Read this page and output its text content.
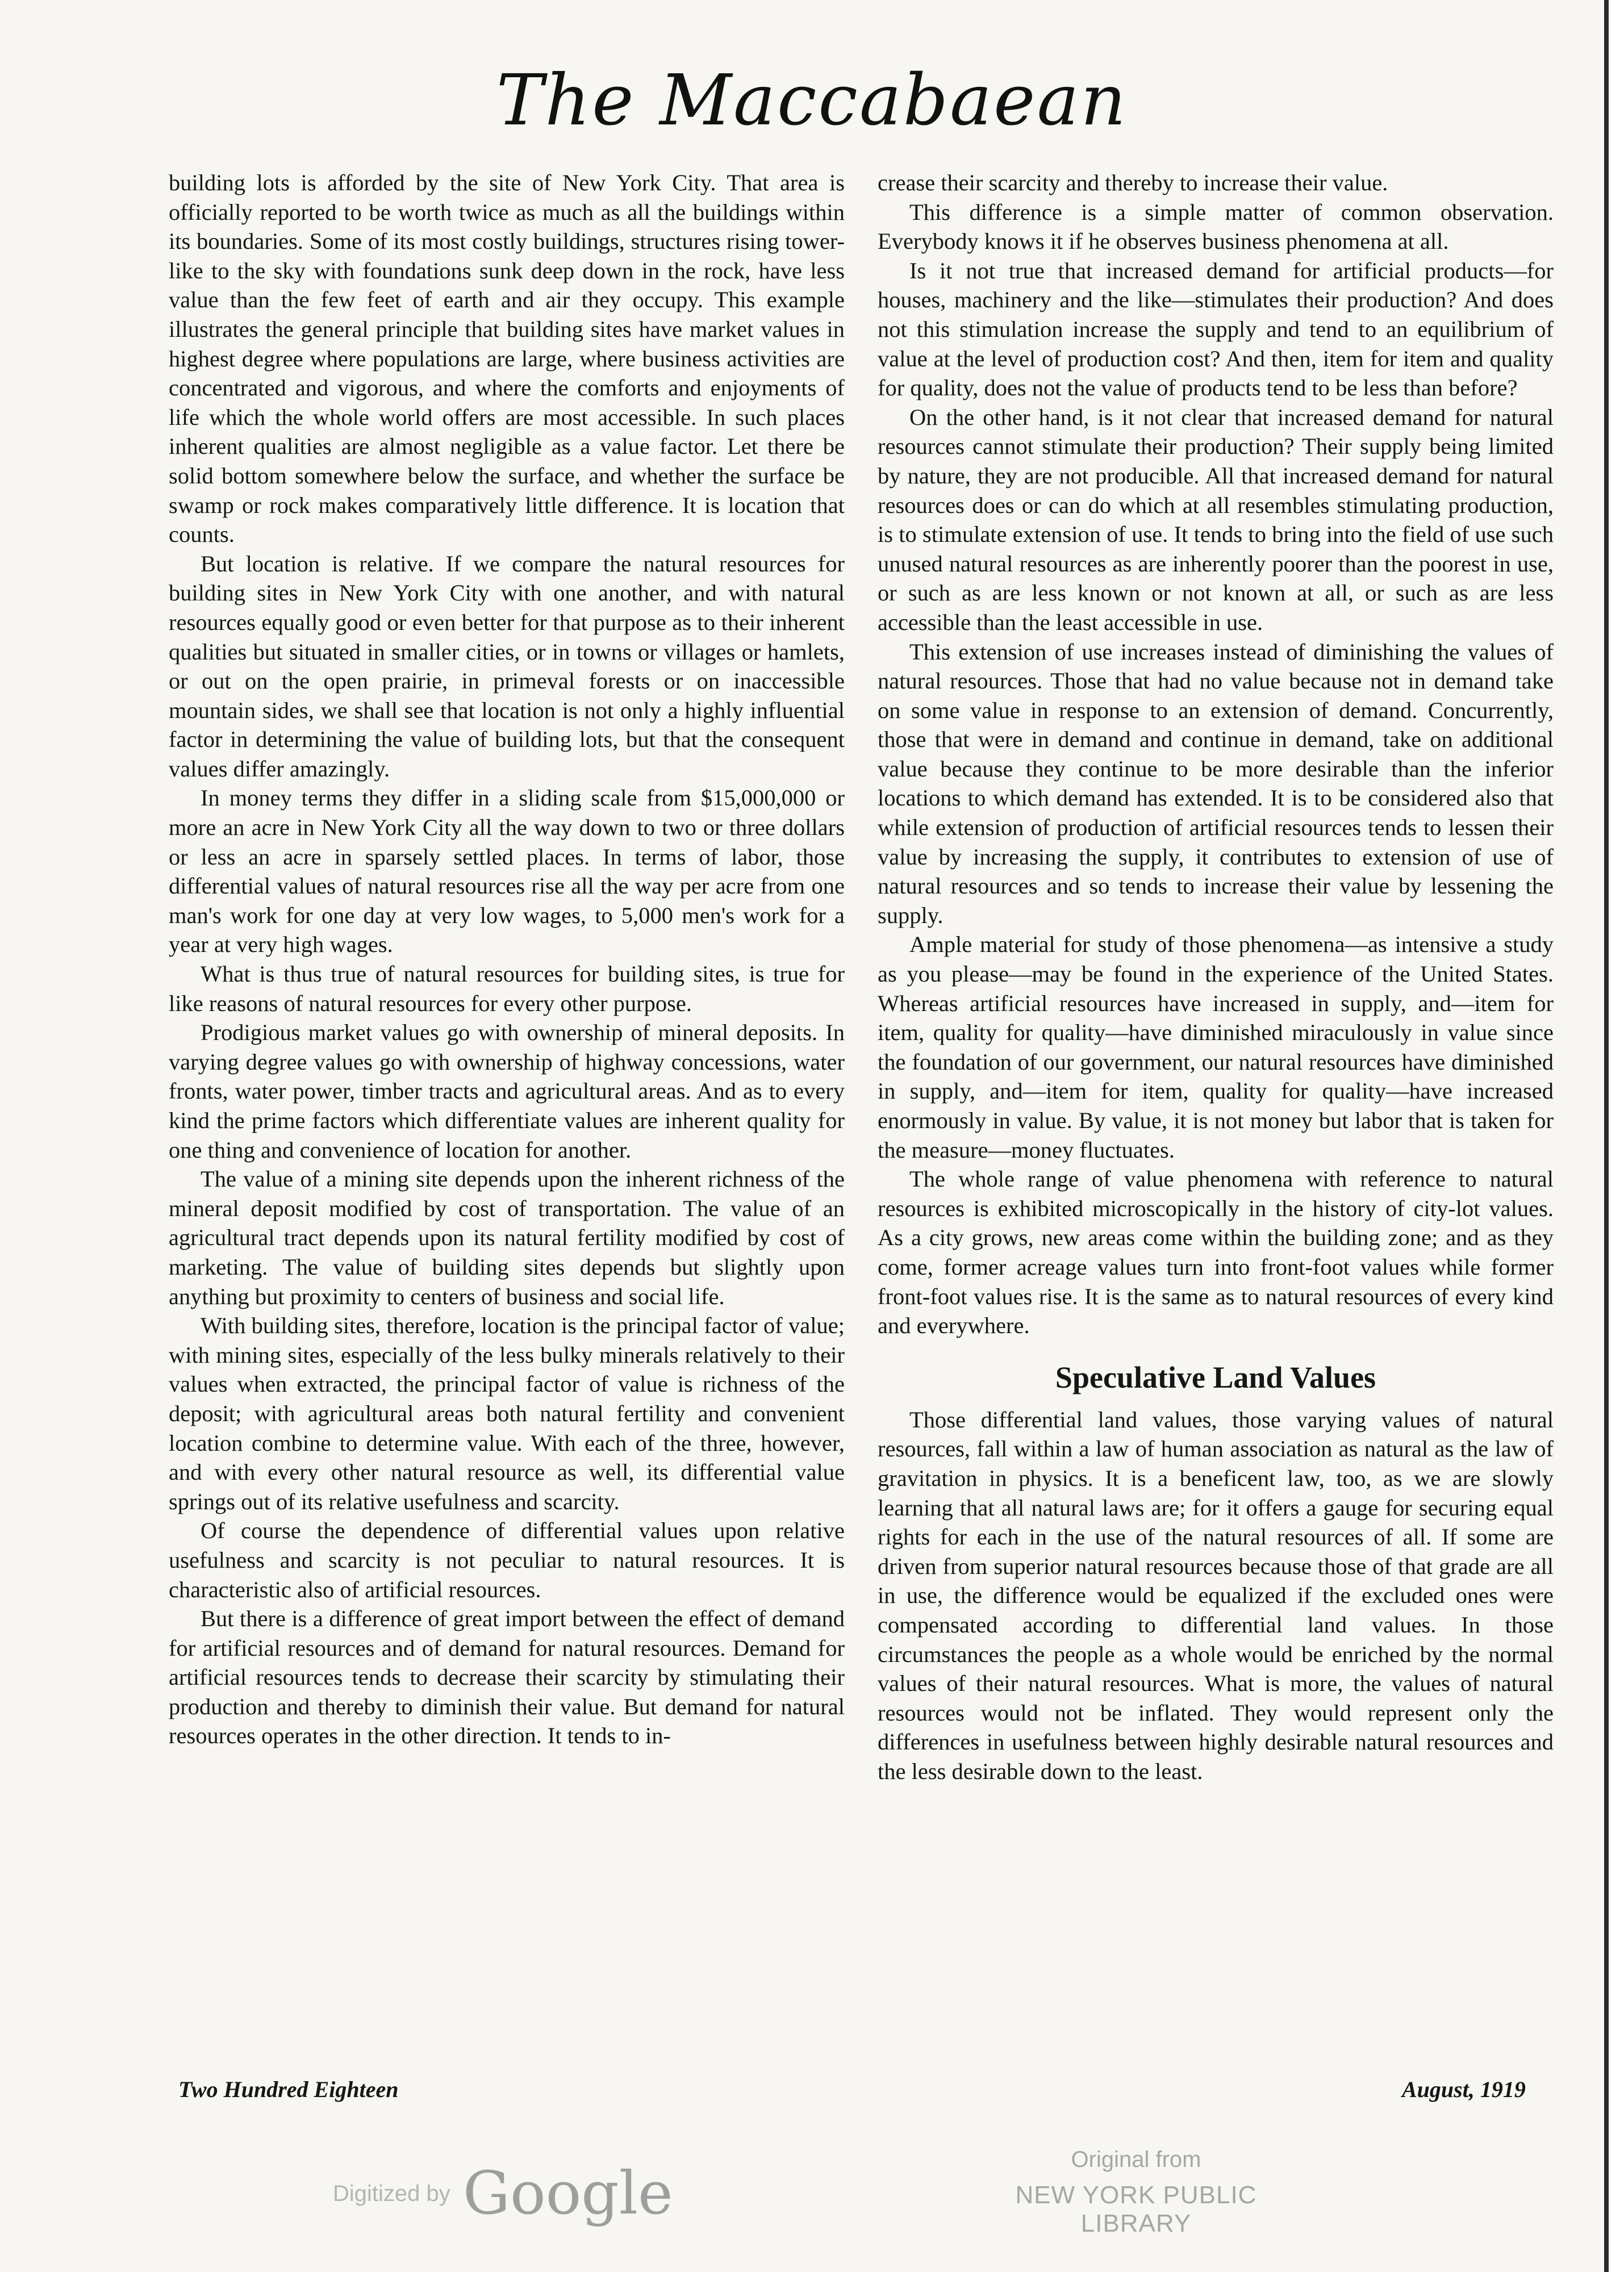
The Maccabaean

building lots is afforded by the site of New York City. That area is officially reported to be worth twice as much as all the buildings within its boundaries. Some of its most costly buildings, structures rising tower-like to the sky with foundations sunk deep down in the rock, have less value than the few feet of earth and air they occupy. This example illustrates the general principle that building sites have market values in highest degree where populations are large, where business activities are concentrated and vigorous, and where the comforts and enjoyments of life which the whole world offers are most accessible. In such places inherent qualities are almost negligible as a value factor. Let there be solid bottom somewhere below the surface, and whether the surface be swamp or rock makes comparatively little difference. It is location that counts.

But location is relative. If we compare the natural resources for building sites in New York City with one another, and with natural resources equally good or even better for that purpose as to their inherent qualities but situated in smaller cities, or in towns or villages or hamlets, or out on the open prairie, in primeval forests or on inaccessible mountain sides, we shall see that location is not only a highly influential factor in determining the value of building lots, but that the consequent values differ amazingly.

In money terms they differ in a sliding scale from $15,000,000 or more an acre in New York City all the way down to two or three dollars or less an acre in sparsely settled places. In terms of labor, those differential values of natural resources rise all the way per acre from one man's work for one day at very low wages, to 5,000 men's work for a year at very high wages.

What is thus true of natural resources for building sites, is true for like reasons of natural resources for every other purpose.

Prodigious market values go with ownership of mineral deposits. In varying degree values go with ownership of highway concessions, water fronts, water power, timber tracts and agricultural areas. And as to every kind the prime factors which differentiate values are inherent quality for one thing and convenience of location for another.

The value of a mining site depends upon the inherent richness of the mineral deposit modified by cost of transportation. The value of an agricultural tract depends upon its natural fertility modified by cost of marketing. The value of building sites depends but slightly upon anything but proximity to centers of business and social life.

With building sites, therefore, location is the principal factor of value; with mining sites, especially of the less bulky minerals relatively to their values when extracted, the principal factor of value is richness of the deposit; with agricultural areas both natural fertility and convenient location combine to determine value. With each of the three, however, and with every other natural resource as well, its differential value springs out of its relative usefulness and scarcity.

Of course the dependence of differential values upon relative usefulness and scarcity is not peculiar to natural resources. It is characteristic also of artificial resources.

But there is a difference of great import between the effect of demand for artificial resources and of demand for natural resources. Demand for artificial resources tends to decrease their scarcity by stimulating their production and thereby to diminish their value. But demand for natural resources operates in the other direction. It tends to in-

crease their scarcity and thereby to increase their value.

This difference is a simple matter of common observation. Everybody knows it if he observes business phenomena at all.

Is it not true that increased demand for artificial products—for houses, machinery and the like—stimulates their production? And does not this stimulation increase the supply and tend to an equilibrium of value at the level of production cost? And then, item for item and quality for quality, does not the value of products tend to be less than before?

On the other hand, is it not clear that increased demand for natural resources cannot stimulate their production? Their supply being limited by nature, they are not producible. All that increased demand for natural resources does or can do which at all resembles stimulating production, is to stimulate extension of use. It tends to bring into the field of use such unused natural resources as are inherently poorer than the poorest in use, or such as are less known or not known at all, or such as are less accessible than the least accessible in use.

This extension of use increases instead of diminishing the values of natural resources. Those that had no value because not in demand take on some value in response to an extension of demand. Concurrently, those that were in demand and continue in demand, take on additional value because they continue to be more desirable than the inferior locations to which demand has extended. It is to be considered also that while extension of production of artificial resources tends to lessen their value by increasing the supply, it contributes to extension of use of natural resources and so tends to increase their value by lessening the supply.

Ample material for study of those phenomena—as intensive a study as you please—may be found in the experience of the United States. Whereas artificial resources have increased in supply, and—item for item, quality for quality—have diminished miraculously in value since the foundation of our government, our natural resources have diminished in supply, and—item for item, quality for quality—have increased enormously in value. By value, it is not money but labor that is taken for the measure—money fluctuates.

The whole range of value phenomena with reference to natural resources is exhibited microscopically in the history of city-lot values. As a city grows, new areas come within the building zone; and as they come, former acreage values turn into front-foot values while former front-foot values rise. It is the same as to natural resources of every kind and everywhere.

Speculative Land Values

Those differential land values, those varying values of natural resources, fall within a law of human association as natural as the law of gravitation in physics. It is a beneficent law, too, as we are slowly learning that all natural laws are; for it offers a gauge for securing equal rights for each in the use of the natural resources of all. If some are driven from superior natural resources because those of that grade are all in use, the difference would be equalized if the excluded ones were compensated according to differential land values. In those circumstances the people as a whole would be enriched by the normal values of their natural resources. What is more, the values of natural resources would not be inflated. They would represent only the differences in usefulness between highly desirable natural resources and the less desirable down to the least.

Two Hundred Eighteen	August, 1919
Digitized by Google	Original from
NEW YORK PUBLIC LIBRARY
